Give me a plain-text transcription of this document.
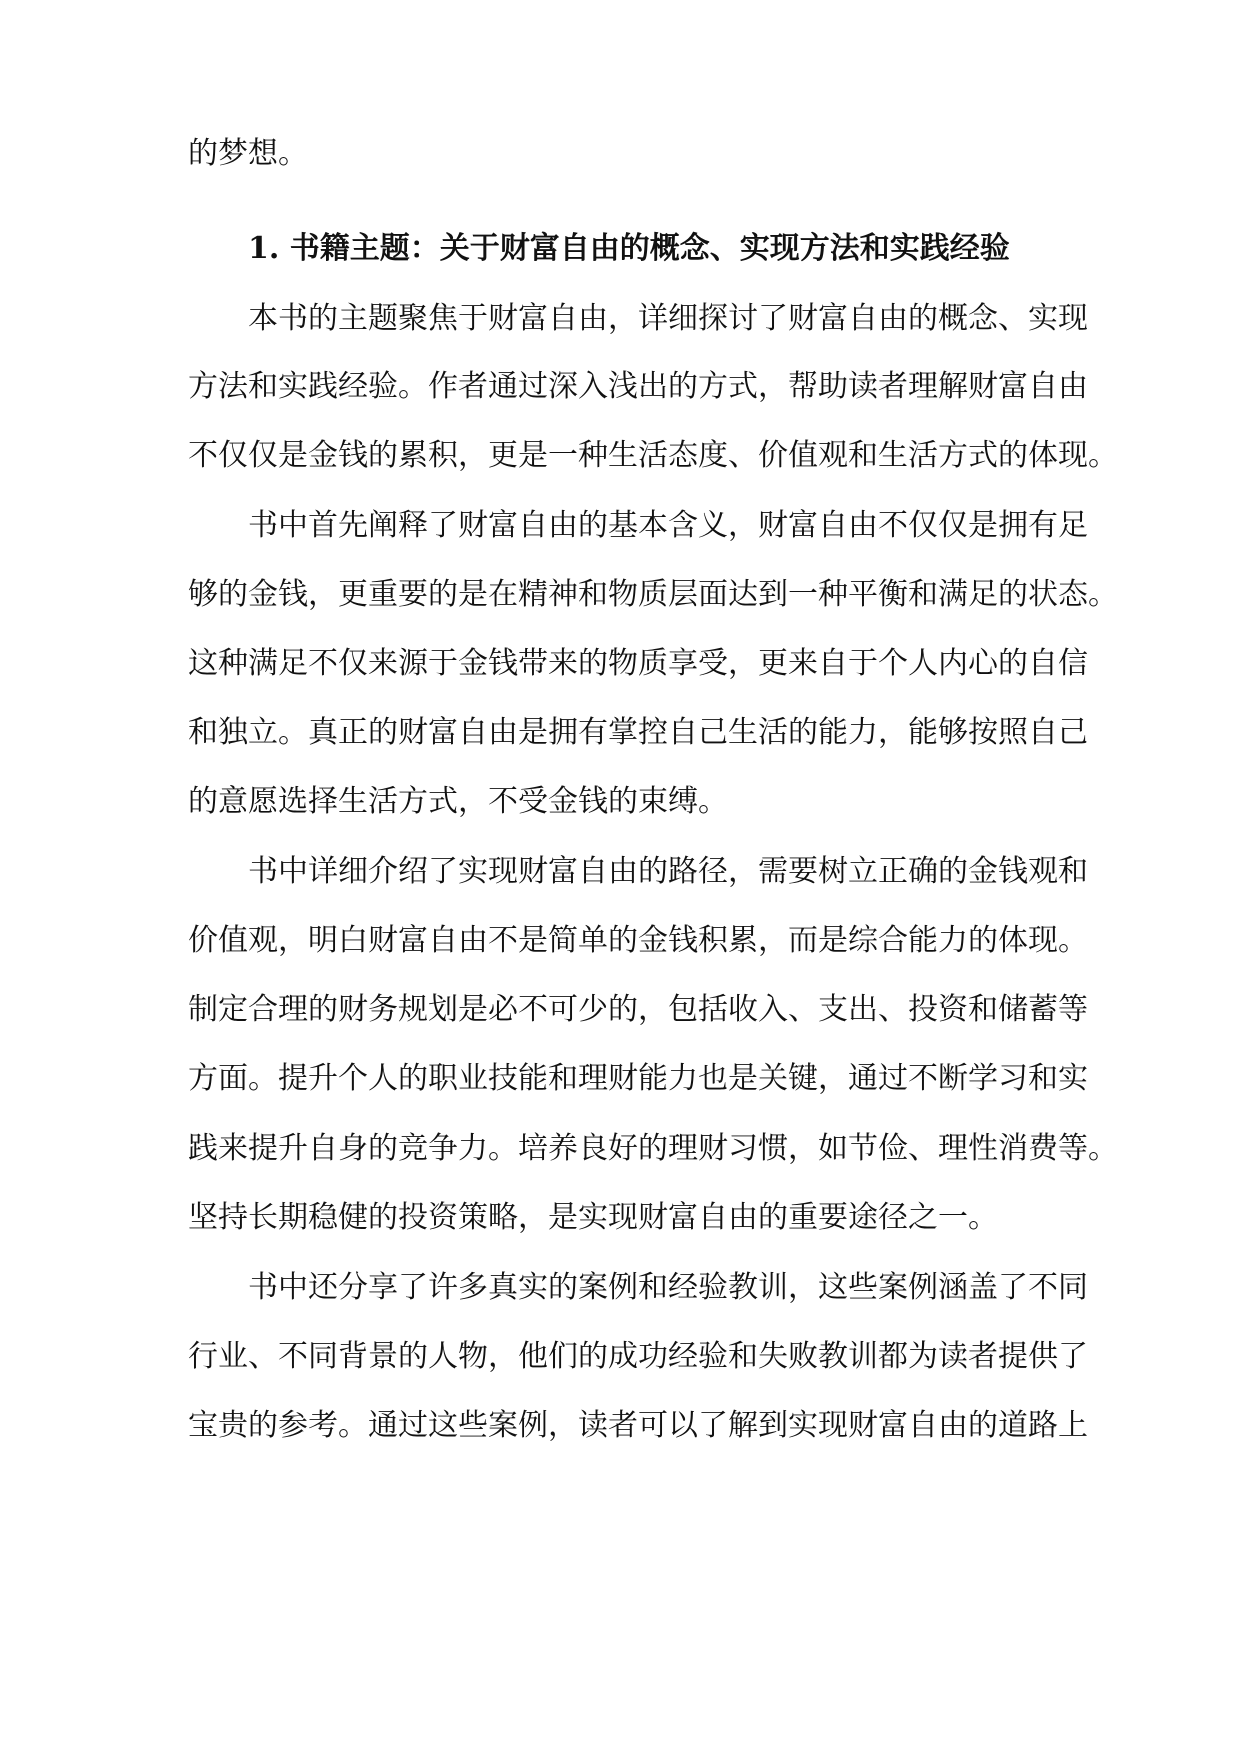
的梦想。
1. 书籍主题：关于财富自由的概念、实现方法和实践经验
本书的主题聚焦于财富自由，详细探讨了财富自由的概念、实现
方法和实践经验。作者通过深入浅出的方式，帮助读者理解财富自由
不仅仅是金钱的累积，更是一种生活态度、价值观和生活方式的体现。
书中首先阐释了财富自由的基本含义，财富自由不仅仅是拥有足
够的金钱，更重要的是在精神和物质层面达到一种平衡和满足的状态。
这种满足不仅来源于金钱带来的物质享受，更来自于个人内心的自信
和独立。真正的财富自由是拥有掌控自己生活的能力，能够按照自己
的意愿选择生活方式，不受金钱的束缚。
书中详细介绍了实现财富自由的路径，需要树立正确的金钱观和
价值观，明白财富自由不是简单的金钱积累，而是综合能力的体现。
制定合理的财务规划是必不可少的，包括收入、支出、投资和储蓄等
方面。提升个人的职业技能和理财能力也是关键，通过不断学习和实
践来提升自身的竞争力。培养良好的理财习惯，如节俭、理性消费等。
坚持长期稳健的投资策略，是实现财富自由的重要途径之一。
书中还分享了许多真实的案例和经验教训，这些案例涵盖了不同
行业、不同背景的人物，他们的成功经验和失败教训都为读者提供了
宝贵的参考。通过这些案例，读者可以了解到实现财富自由的道路上
